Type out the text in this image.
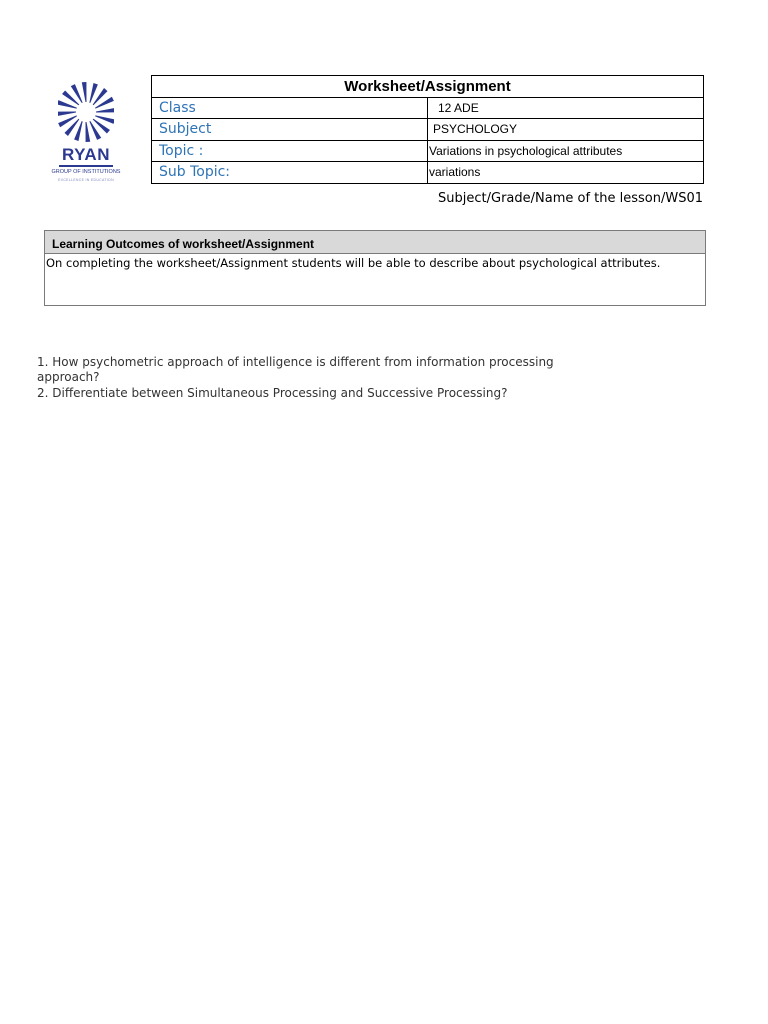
RYAN
GROUP OF INSTITUTIONS
EXCELLENCE IN EDUCATION
Worksheet/Assignment	
Class	12 ADE
Subject	PSYCHOLOGY
Topic :	Variations in psychological attributes
Sub Topic:	variations
Subject/Grade/Name of the lesson/WS01
Learning Outcomes of worksheet/Assignment
On completing the worksheet/Assignment students will be able to describe about psychological attributes.
1. How psychometric approach of intelligence is different from information processing approach?
2. Differentiate between Simultaneous Processing and Successive Processing?
